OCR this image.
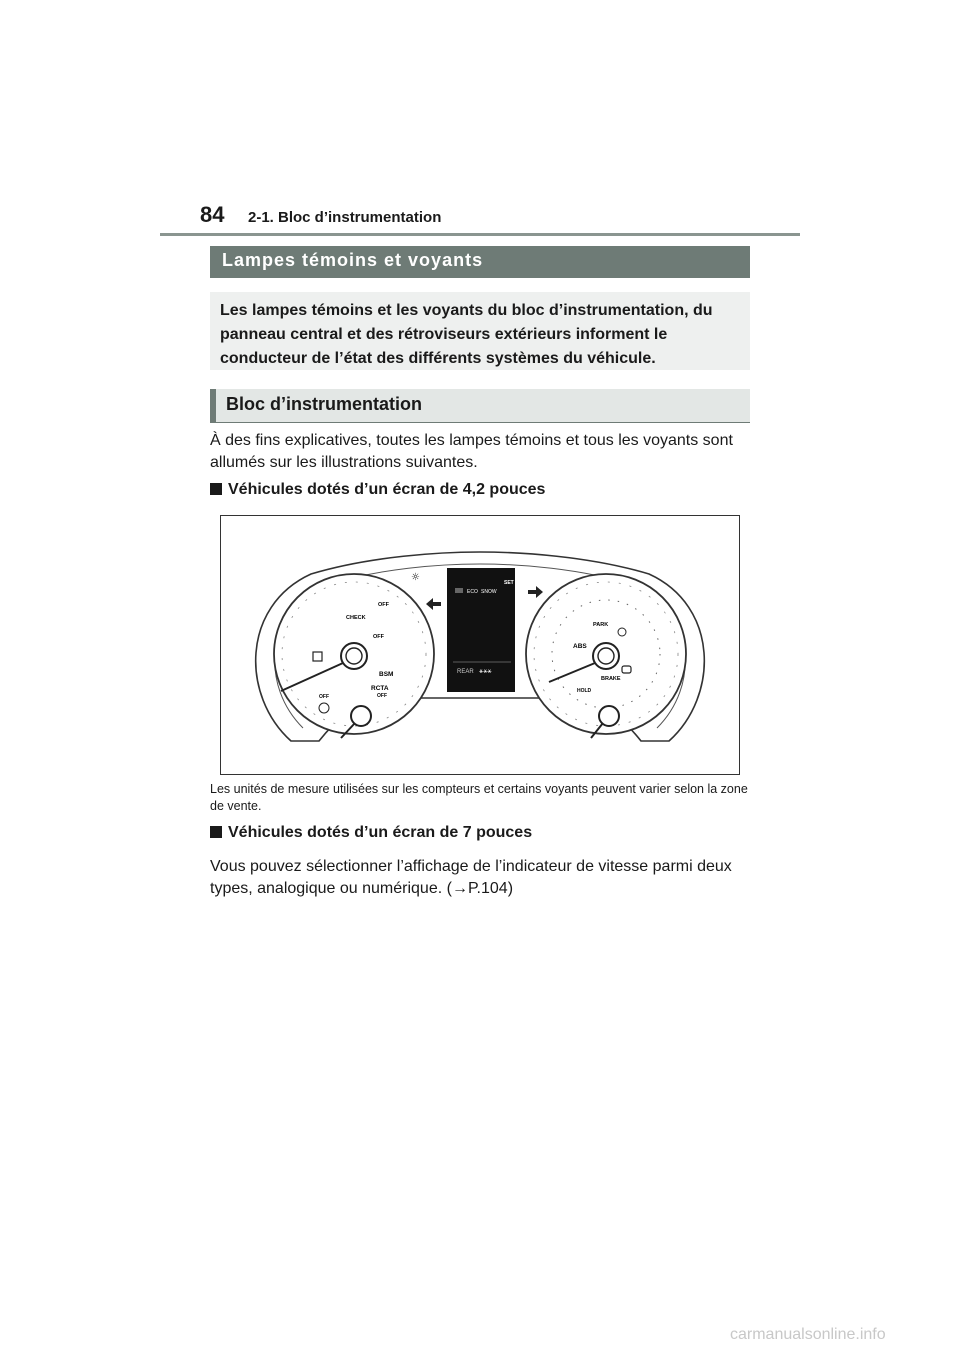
84 2-1. Bloc d’instrumentation
Lampes témoins et voyants
Les lampes témoins et les voyants du bloc d’instrumentation, du panneau central et des rétroviseurs extérieurs informent le conducteur de l’état des différents systèmes du véhicule.
Bloc d’instrumentation
À des fins explicatives, toutes les lampes témoins et tous les voyants sont allumés sur les illustrations suivantes.
Véhicules dotés d’un écran de 4,2 pouces
CHECK
OFF
OFF
BSM
RCTA
OFF
OFF
ECO SNOW
SET
REAR ⚹⚹⚹
☼
PARK
ABS
BRAKE
HOLD
Les unités de mesure utilisées sur les compteurs et certains voyants peuvent varier selon la zone de vente.
Véhicules dotés d’un écran de 7 pouces
Vous pouvez sélectionner l’affichage de l’indicateur de vitesse parmi deux types, analogique ou numérique. (→P.104)
carmanualsonline.info
